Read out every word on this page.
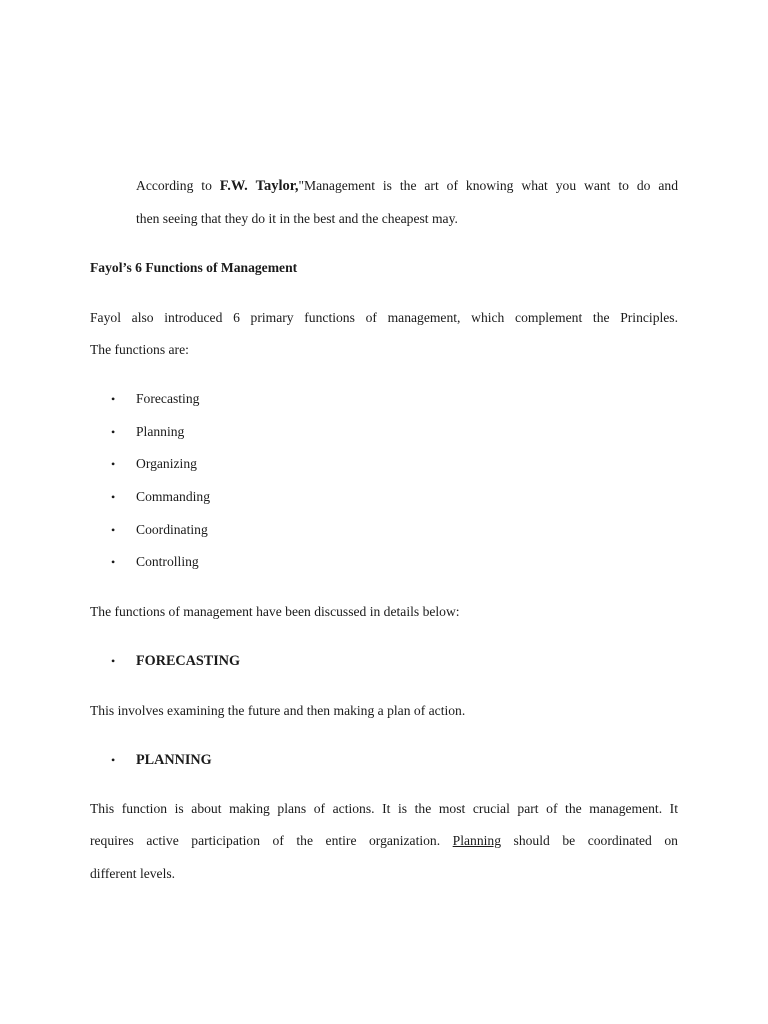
According to F.W. Taylor,"Management is the art of knowing what you want to do and
then seeing that they do it in the best and the cheapest may.
Fayol’s 6 Functions of Management
Fayol also introduced 6 primary functions of management, which complement the Principles.
The functions are:
• Forecasting
• Planning
• Organizing
• Commanding
• Coordinating
• Controlling
The functions of management have been discussed in details below:
• FORECASTING
This involves examining the future and then making a plan of action.
• PLANNING
This function is about making plans of actions. It is the most crucial part of the management. It
requires active participation of the entire organization. Planning should be coordinated on
different levels.
